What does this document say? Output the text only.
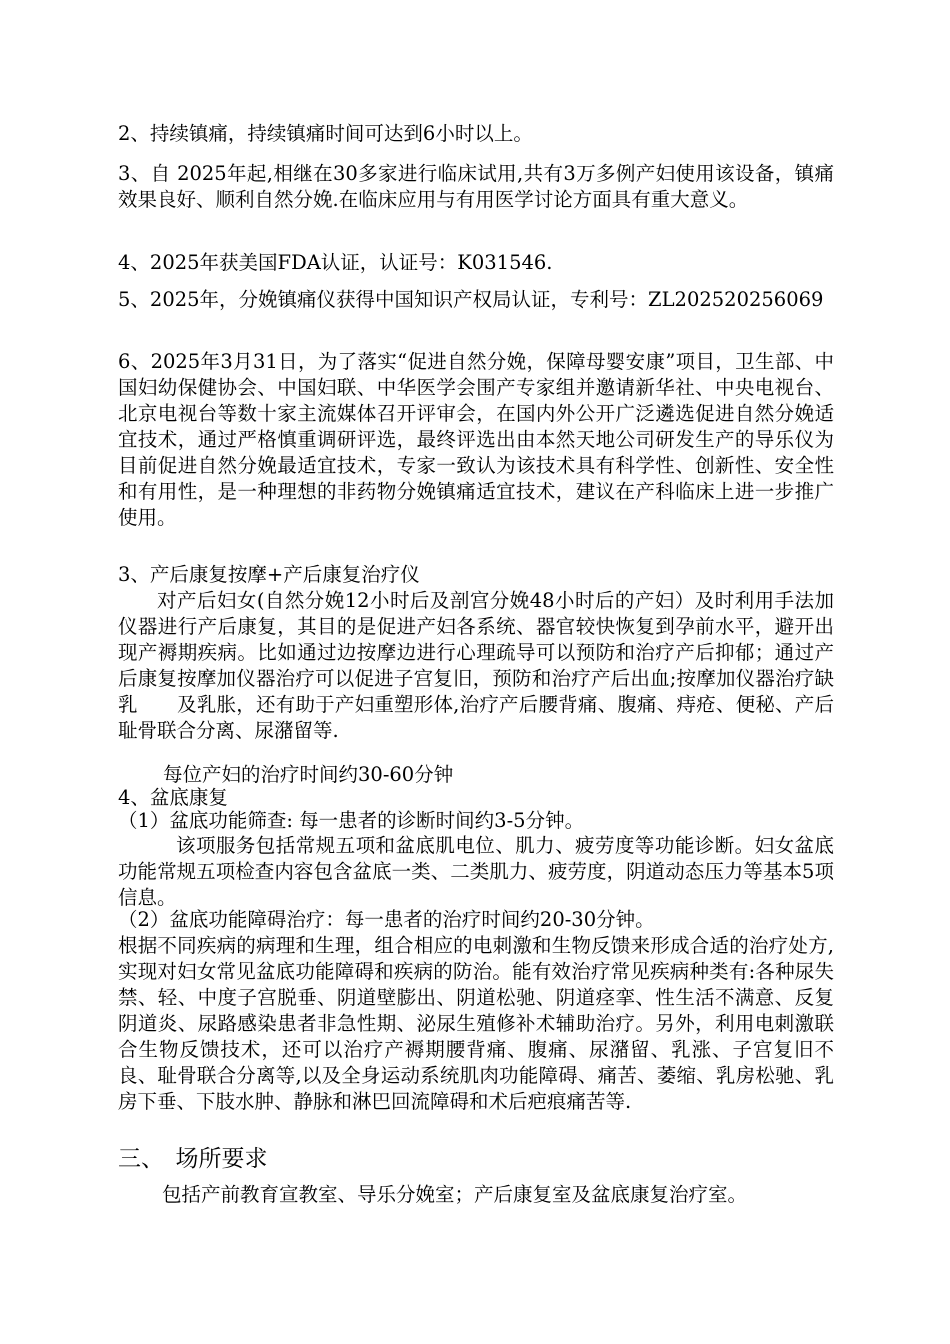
2、持续镇痛，持续镇痛时间可达到6小时以上。

3、自 2025年起,相继在30多家进行临床试用,共有3万多例产妇使用该设备，镇痛效果良好、顺利自然分娩.在临床应用与有用医学讨论方面具有重大意义。

4、2025年获美国FDA认证，认证号：K031546.

5、2025年，分娩镇痛仪获得中国知识产权局认证，专利号：ZL202520256069

6、2025年3月31日，为了落实“促进自然分娩，保障母婴安康”项目，卫生部、中国妇幼保健协会、中国妇联、中华医学会围产专家组并邀请新华社、中央电视台、北京电视台等数十家主流媒体召开评审会，在国内外公开广泛遴选促进自然分娩适宜技术，通过严格慎重调研评选，最终评选出由本然天地公司研发生产的导乐仪为目前促进自然分娩最适宜技术，专家一致认为该技术具有科学性、创新性、安全性和有用性，是一种理想的非药物分娩镇痛适宜技术，建议在产科临床上进一步推广使用。

3、产后康复按摩+产后康复治疗仪

对产后妇女(自然分娩12小时后及剖宫分娩48小时后的产妇）及时利用手法加仪器进行产后康复，其目的是促进产妇各系统、器官较快恢复到孕前水平，避开出现产褥期疾病。比如通过边按摩边进行心理疏导可以预防和治疗产后抑郁；通过产后康复按摩加仪器治疗可以促进子宫复旧，预防和治疗产后出血;按摩加仪器治疗缺乳　　及乳胀，还有助于产妇重塑形体,治疗产后腰背痛、腹痛、痔疮、便秘、产后耻骨联合分离、尿潴留等.

每位产妇的治疗时间约30-60分钟

4、盆底康复

（1）盆底功能筛查: 每一患者的诊断时间约3-5分钟。

该项服务包括常规五项和盆底肌电位、肌力、疲劳度等功能诊断。妇女盆底功能常规五项检查内容包含盆底一类、二类肌力、疲劳度，阴道动态压力等基本5项信息。

（2）盆底功能障碍治疗：每一患者的治疗时间约20-30分钟。

根据不同疾病的病理和生理，组合相应的电刺激和生物反馈来形成合适的治疗处方,实现对妇女常见盆底功能障碍和疾病的防治。能有效治疗常见疾病种类有:各种尿失禁、轻、中度子宫脱垂、阴道壁膨出、阴道松驰、阴道痉挛、性生活不满意、反复阴道炎、尿路感染患者非急性期、泌尿生殖修补术辅助治疗。另外，利用电刺激联合生物反馈技术，还可以治疗产褥期腰背痛、腹痛、尿潴留、乳涨、子宫复旧不良、耻骨联合分离等,以及全身运动系统肌肉功能障碍、痛苦、萎缩、乳房松驰、乳房下垂、下肢水肿、静脉和淋巴回流障碍和术后疤痕痛苦等.

三、　场所要求

包括产前教育宣教室、导乐分娩室；产后康复室及盆底康复治疗室。
